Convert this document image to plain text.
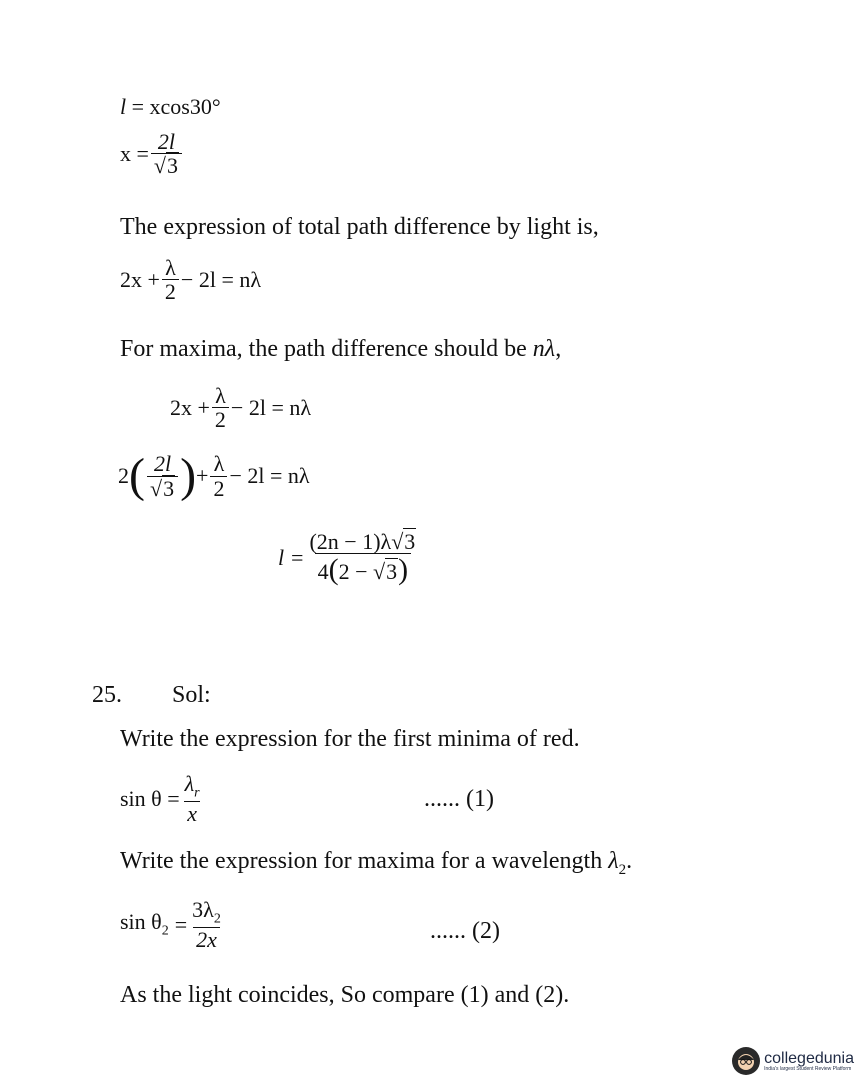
l = xcos30°
$x = \frac{2l}{√3}$
The expression of total path difference by light is,
$2x + \frac{\lambda}{2} - 2l = n\lambda$
For maxima, the path difference should be nλ,
$2x + \frac{\lambda}{2} - 2l = n\lambda$
2 ( $\frac{2l}{√3}$ ) + $\frac{\lambda}{2} - 2l = n\lambda$
$l = \frac{(2n - 1)\lambda√3}{4(2 - √3)}$
25. Sol:
Write the expression for the first minima of red.
$\sin \theta = \frac{\lambda_r}{x}$	...... (1)
Write the expression for maxima for a wavelength $\lambda_2$.
$\sin \theta_2 = \frac{3\lambda_2}{2x}$	...... (2)
As the light coincides, So compare (1) and (2).
collegedunia
India's largest Student Review Platform
